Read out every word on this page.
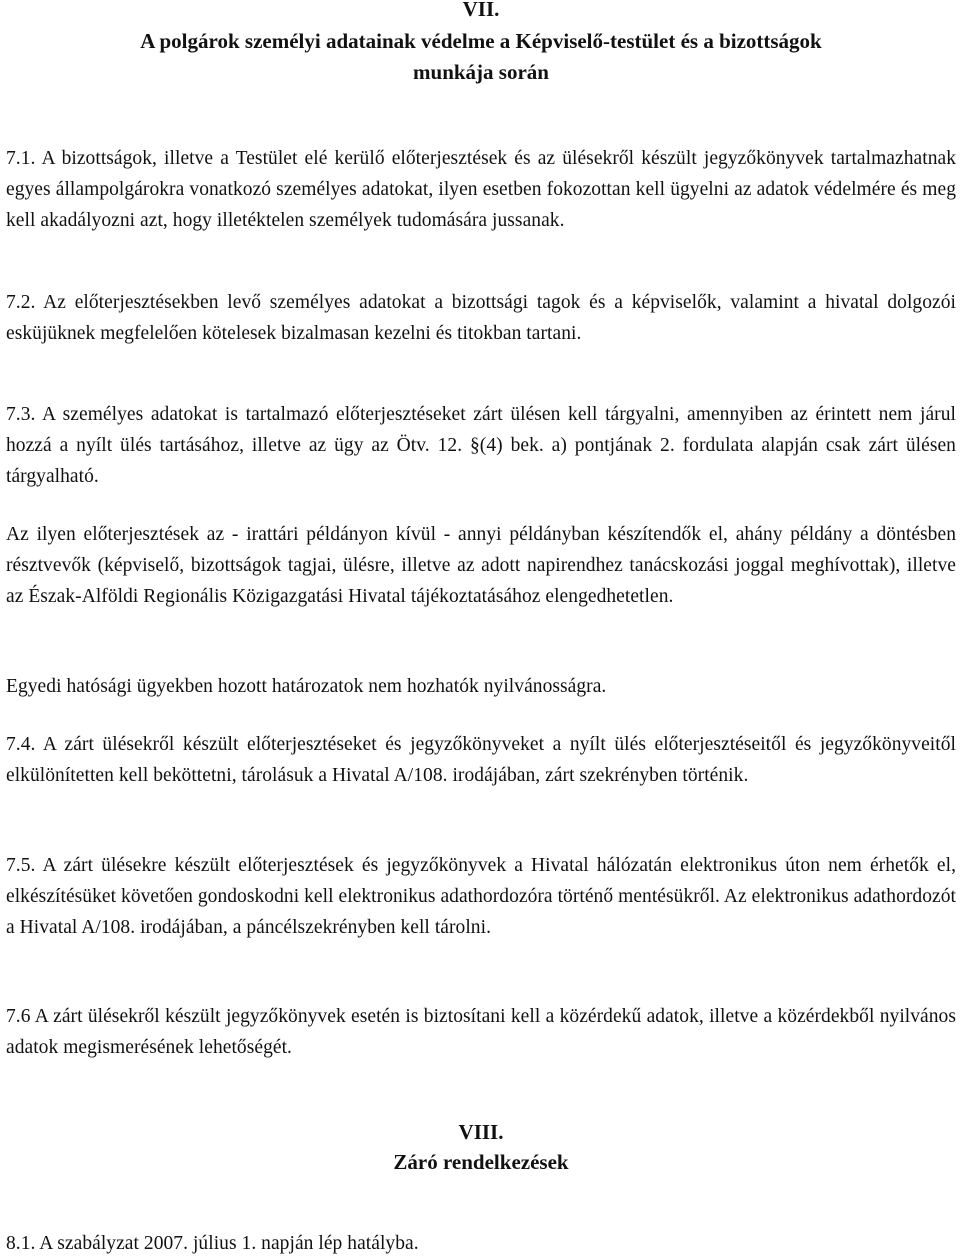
VII.
A polgárok személyi adatainak védelme a Képviselő-testület és a bizottságok munkája során

7.1. A bizottságok, illetve a Testület elé kerülő előterjesztések és az ülésekről készült jegyzőkönyvek tartalmazhatnak egyes állampolgárokra vonatkozó személyes adatokat, ilyen esetben fokozottan kell ügyelni az adatok védelmére és meg kell akadályozni azt, hogy illetéktelen személyek tudomására jussanak.

7.2. Az előterjesztésekben levő személyes adatokat a bizottsági tagok és a képviselők, valamint a hivatal dolgozói esküjüknek megfelelően kötelesek bizalmasan kezelni és titokban tartani.

7.3. A személyes adatokat is tartalmazó előterjesztéseket zárt ülésen kell tárgyalni, amennyiben az érintett nem járul hozzá a nyílt ülés tartásához, illetve az ügy az Ötv. 12. §(4) bek. a) pontjának 2. fordulata alapján csak zárt ülésen tárgyalható.

Az ilyen előterjesztések az - irattári példányon kívül - annyi példányban készítendők el, ahány példány a döntésben résztvevők (képviselő, bizottságok tagjai, ülésre, illetve az adott napirendhez tanácskozási joggal meghívottak), illetve az Észak-Alföldi Regionális Közigazgatási Hivatal tájékoztatásához elengedhetetlen.

Egyedi hatósági ügyekben hozott határozatok nem hozhatók nyilvánosságra.

7.4. A zárt ülésekről készült előterjesztéseket és jegyzőkönyveket a nyílt ülés előterjesztéseitől és jegyzőkönyveitől elkülönítetten kell beköttetni, tárolásuk a Hivatal A/108. irodájában, zárt szekrényben történik.

7.5. A zárt ülésekre készült előterjesztések és jegyzőkönyvek a Hivatal hálózatán elektronikus úton nem érhetők el, elkészítésüket követően gondoskodni kell elektronikus adathordozóra történő mentésükről. Az elektronikus adathordozót a Hivatal A/108. irodájában, a páncélszekrényben kell tárolni.

7.6 A zárt ülésekről készült jegyzőkönyvek esetén is biztosítani kell a közérdekű adatok, illetve a közérdekből nyilvános adatok megismerésének lehetőségét.

VIII.
Záró rendelkezések

8.1. A szabályzat 2007. július 1. napján lép hatályba.
